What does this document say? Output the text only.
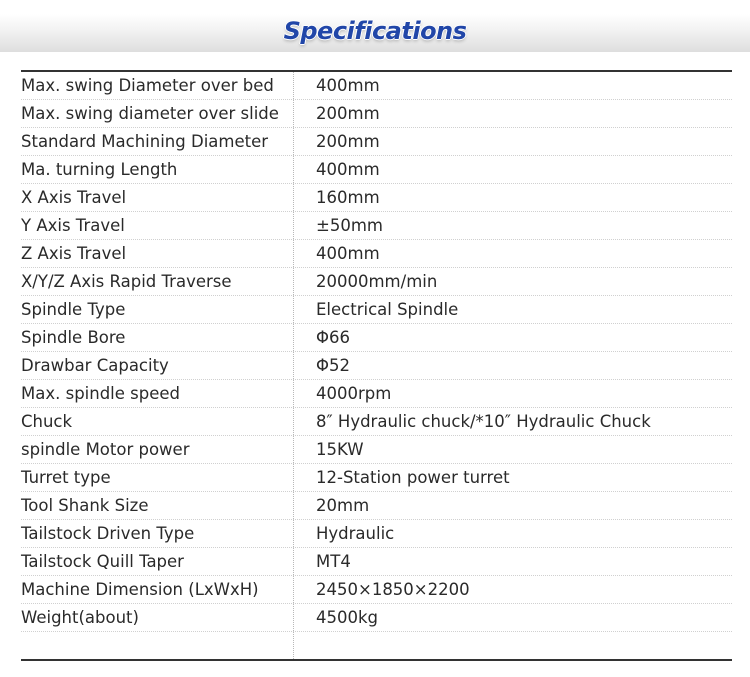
Specifications
Max. swing Diameter over bed	400mm
Max. swing diameter over slide	200mm
Standard Machining Diameter	200mm
Ma. turning Length	400mm
X Axis Travel	160mm
Y Axis Travel	±50mm
Z Axis Travel	400mm
X/Y/Z Axis Rapid Traverse	20000mm/min
Spindle Type	Electrical Spindle
Spindle Bore	Φ66
Drawbar Capacity	Φ52
Max. spindle speed	4000rpm
Chuck	8″ Hydraulic chuck/*10″ Hydraulic Chuck
spindle Motor power	15KW
Turret type	12-Station power turret
Tool Shank Size	20mm
Tailstock Driven Type	Hydraulic
Tailstock Quill Taper	MT4
Machine Dimension (LxWxH)	2450×1850×2200
Weight(about)	4500kg
